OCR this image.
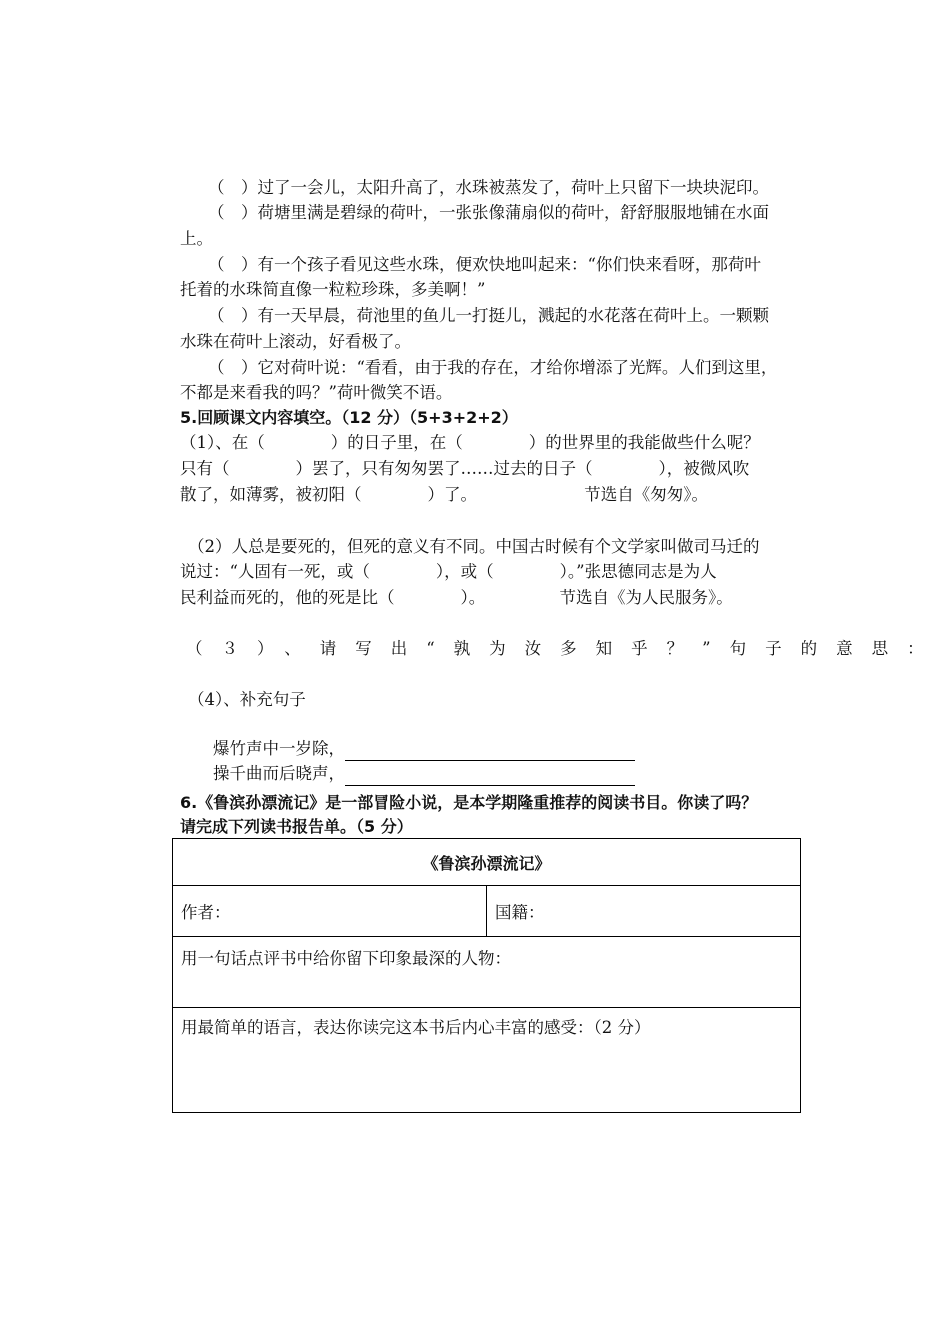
（　）过了一会儿，太阳升高了，水珠被蒸发了，荷叶上只留下一块块泥印。
（　）荷塘里满是碧绿的荷叶，一张张像蒲扇似的荷叶，舒舒服服地铺在水面
上。
（　）有一个孩子看见这些水珠，便欢快地叫起来：“你们快来看呀，那荷叶
托着的水珠简直像一粒粒珍珠，多美啊！”
（　）有一天早晨，荷池里的鱼儿一打挺儿，溅起的水花落在荷叶上。一颗颗
水珠在荷叶上滚动，好看极了。
（　）它对荷叶说：“看看，由于我的存在，才给你增添了光辉。人们到这里，
不都是来看我的吗？”荷叶微笑不语。
5.回顾课文内容填空。（12 分）（5+3+2+2）
（1）、在（　　　　）的日子里，在（　　　　）的世界里的我能做些什么呢？
只有（　　　　）罢了，只有匆匆罢了……过去的日子（　　　　），被微风吹
散了，如薄雾，被初阳（　　　　）了。　　　　　　　节选自《匆匆》。
（2）人总是要死的，但死的意义有不同。中国古时候有个文学家叫做司马迁的
说过：“人固有一死，或（　　　　），或（　　　　）。”张思德同志是为人
民利益而死的，他的死是比（　　　　）。　　　　　节选自《为人民服务》。
（３）、请写出“孰为汝多知乎？”句子的意思：
（4）、补充句子

爆竹声中一岁除，

操千曲而后晓声，

6.《鲁滨孙漂流记》是一部冒险小说，是本学期隆重推荐的阅读书目。你读了吗？
请完成下列读书报告单。（5 分）
《鲁滨孙漂流记》
作者：	国籍：
用一句话点评书中给你留下印象最深的人物：
用最简单的语言，表达你读完这本书后内心丰富的感受：（2 分）
